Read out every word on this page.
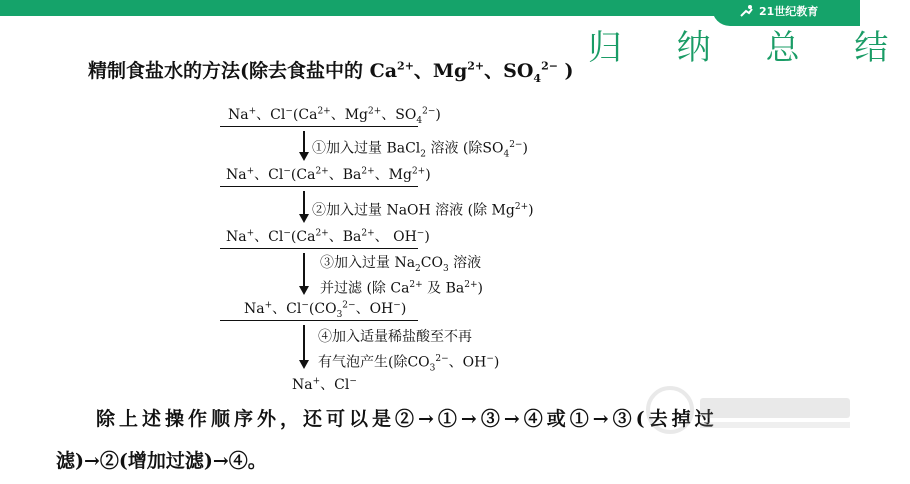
21世纪教育
归 纳 总 结
精制食盐水的方法(除去食盐中的 $Ca^{2+}$、$Mg^{2+}$、$SO_4^{2-}$ )
Na+、$Cl^-(Ca^{2+}$、$Mg^{2+}$、$SO_4^{2-}$)
①加入过量 BaCl$_2$ 溶液 (除$SO_4^{2-}$)
Na+、$Cl^-(Ca^{2+}$、$Ba^{2+}$、$Mg^{2+}$)
②加入过量 NaOH 溶液 (除 $Mg^{2+}$)
Na+、$Cl^-(Ca^{2+}$、$Ba^{2+}$、 OH−)
③加入过量 $Na_2CO_3$ 溶液
并过滤 (除 $Ca^{2+}$ 及 $Ba^{2+}$)
Na+、$Cl^-(CO_3^{2-}$、OH−)
④加入适量稀盐酸至不再
有气泡产生(除$CO_3^{2-}$、OH−)
Na+、Cl−
除上述操作顺序外，还可以是②→①→③→④或①→③(去掉过
滤)→②(增加过滤)→④。
